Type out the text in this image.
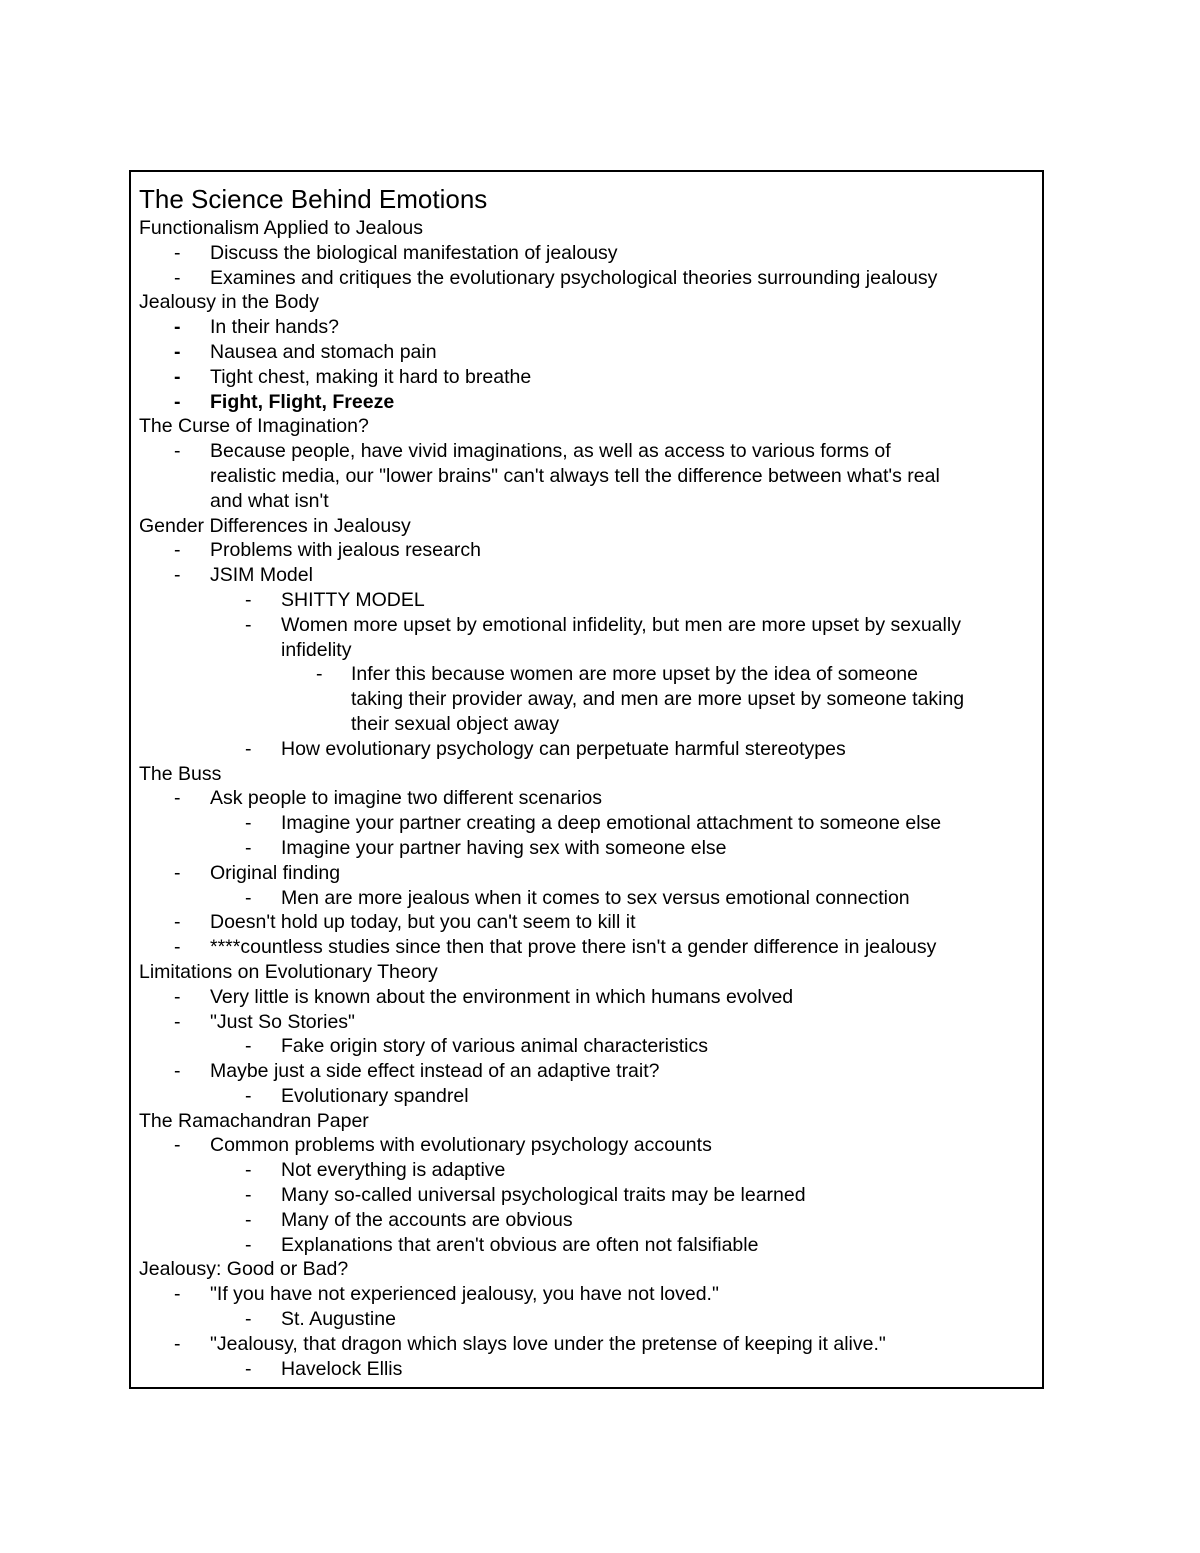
The Science Behind Emotions
Functionalism Applied to Jealous
- Discuss the biological manifestation of jealousy
- Examines and critiques the evolutionary psychological theories surrounding jealousy
Jealousy in the Body
- In their hands?
- Nausea and stomach pain
- Tight chest, making it hard to breathe
- Fight, Flight, Freeze
The Curse of Imagination?
- Because people, have vivid imaginations, as well as access to various forms of
realistic media, our "lower brains" can't always tell the difference between what's real
and what isn't
Gender Differences in Jealousy
- Problems with jealous research
- JSIM Model
- SHITTY MODEL
- Women more upset by emotional infidelity, but men are more upset by sexually
infidelity
- Infer this because women are more upset by the idea of someone
taking their provider away, and men are more upset by someone taking
their sexual object away
- How evolutionary psychology can perpetuate harmful stereotypes
The Buss
- Ask people to imagine two different scenarios
- Imagine your partner creating a deep emotional attachment to someone else
- Imagine your partner having sex with someone else
- Original finding
- Men are more jealous when it comes to sex versus emotional connection
- Doesn't hold up today, but you can't seem to kill it
- ****countless studies since then that prove there isn't a gender difference in jealousy
Limitations on Evolutionary Theory
- Very little is known about the environment in which humans evolved
- "Just So Stories"
- Fake origin story of various animal characteristics
- Maybe just a side effect instead of an adaptive trait?
- Evolutionary spandrel
The Ramachandran Paper
- Common problems with evolutionary psychology accounts
- Not everything is adaptive
- Many so-called universal psychological traits may be learned
- Many of the accounts are obvious
- Explanations that aren't obvious are often not falsifiable
Jealousy: Good or Bad?
- "If you have not experienced jealousy, you have not loved."
- St. Augustine
- "Jealousy, that dragon which slays love under the pretense of keeping it alive."
- Havelock Ellis
